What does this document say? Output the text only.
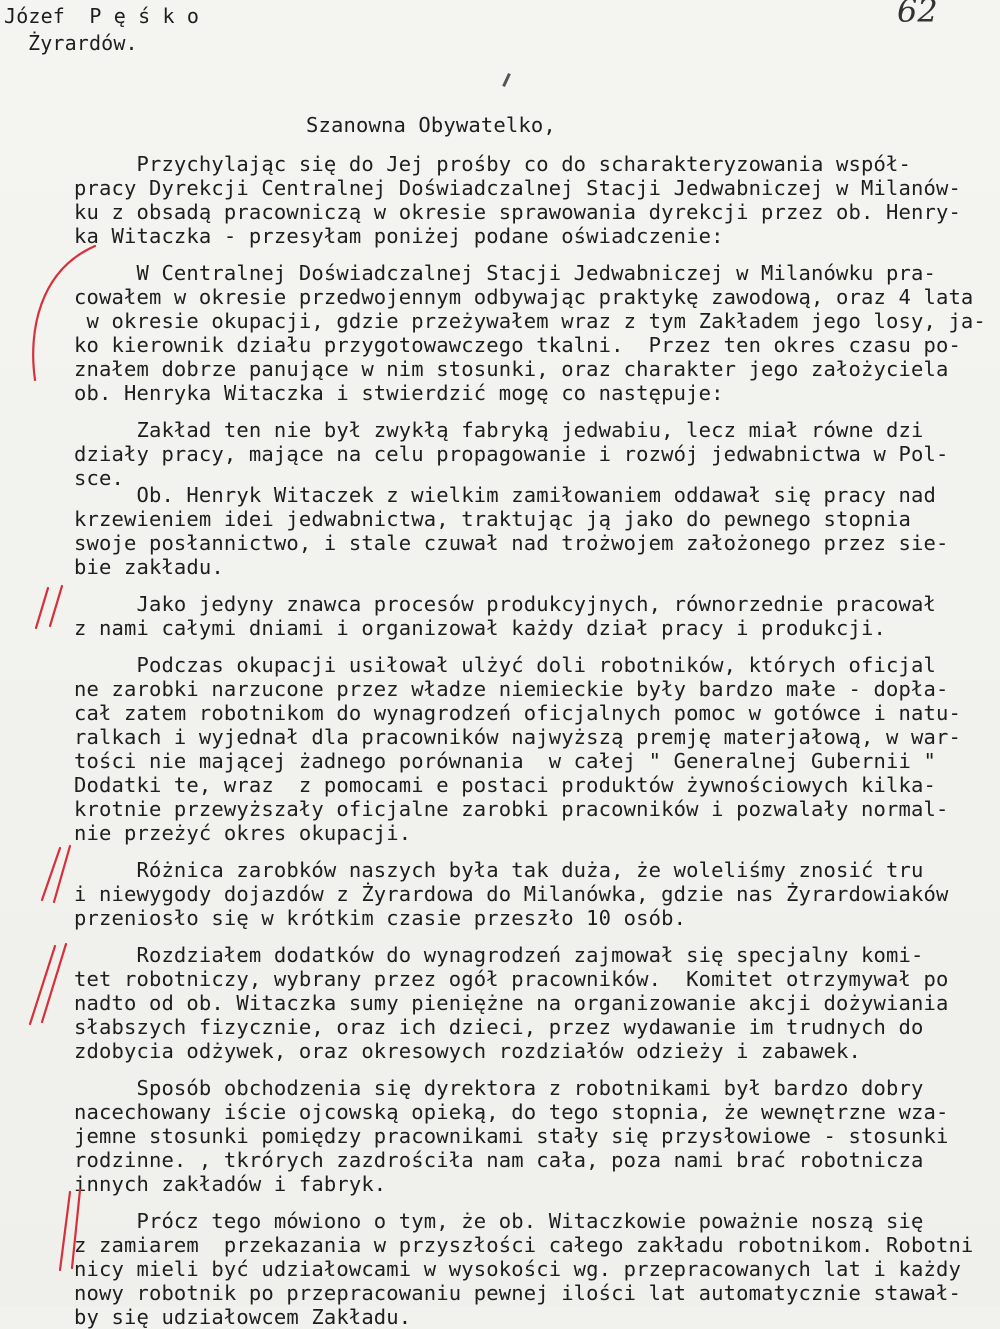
Józef  P ę ś k o
Żyrardów.
62
Szanowna Obywatelko,
Przychylając się do Jej prośby co do scharakteryzowania współ-
pracy Dyrekcji Centralnej Doświadczalnej Stacji Jedwabniczej w Milanów-
ku z obsadą pracowniczą w okresie sprawowania dyrekcji przez ob. Henry-
ka Witaczka - przesyłam poniżej podane oświadczenie:
W Centralnej Doświadczalnej Stacji Jedwabniczej w Milanówku pra-
cowałem w okresie przedwojennym odbywając praktykę zawodową, oraz 4 lata
w okresie okupacji, gdzie przeżywałem wraz z tym Zakładem jego losy, ja-
ko kierownik działu przygotowawczego tkalni.  Przez ten okres czasu po-
znałem dobrze panujące w nim stosunki, oraz charakter jego założyciela
ob. Henryka Witaczka i stwierdzić mogę co następuje:
Zakład ten nie był zwykłą fabryką jedwabiu, lecz miał równe dzi
działy pracy, mające na celu propagowanie i rozwój jedwabnictwa w Pol-
sce.
Ob. Henryk Witaczek z wielkim zamiłowaniem oddawał się pracy nad
krzewieniem idei jedwabnictwa, traktując ją jako do pewnego stopnia
swoje posłannictwo, i stale czuwał nad trożwojem założonego przez sie-
bie zakładu.
Jako jedyny znawca procesów produkcyjnych, równorzednie pracował
z nami całymi dniami i organizował każdy dział pracy i produkcji.
Podczas okupacji usiłował ulżyć doli robotników, których oficjal
ne zarobki narzucone przez władze niemieckie były bardzo małe - dopła-
cał zatem robotnikom do wynagrodzeń oficjalnych pomoc w gotówce i natu-
ralkach i wyjednał dla pracowników najwyższą premję materjałową, w war-
tości nie mającej żadnego porównania  w całej " Generalnej Gubernii "
Dodatki te, wraz  z pomocami e postaci produktów żywnościowych kilka-
krotnie przewyższały oficjalne zarobki pracowników i pozwalały normal-
nie przeżyć okres okupacji.
Różnica zarobków naszych była tak duża, że woleliśmy znosić tru
i niewygody dojazdów z Żyrardowa do Milanówka, gdzie nas Żyrardowiaków
przeniosło się w krótkim czasie przeszło 10 osób.
Rozdziałem dodatków do wynagrodzeń zajmował się specjalny komi-
tet robotniczy, wybrany przez ogół pracowników.  Komitet otrzymywał po
nadto od ob. Witaczka sumy pieniężne na organizowanie akcji dożywiania
słabszych fizycznie, oraz ich dzieci, przez wydawanie im trudnych do
zdobycia odżywek, oraz okresowych rozdziałów odzieży i zabawek.
Sposób obchodzenia się dyrektora z robotnikami był bardzo dobry
nacechowany iście ojcowską opieką, do tego stopnia, że wewnętrzne wza-
jemne stosunki pomiędzy pracownikami stały się przysłowiowe - stosunki
rodzinne. , tkrórych zazdrościła nam cała, poza nami brać robotnicza
innych zakładów i fabryk.
Prócz tego mówiono o tym, że ob. Witaczkowie poważnie noszą się
z zamiarem  przekazania w przyszłości całego zakładu robotnikom. Robotni
nicy mieli być udziałowcami w wysokości wg. przepracowanych lat i każdy
nowy robotnik po przepracowaniu pewnej ilości lat automatycznie stawał-
by się udziałowcem Zakładu.
